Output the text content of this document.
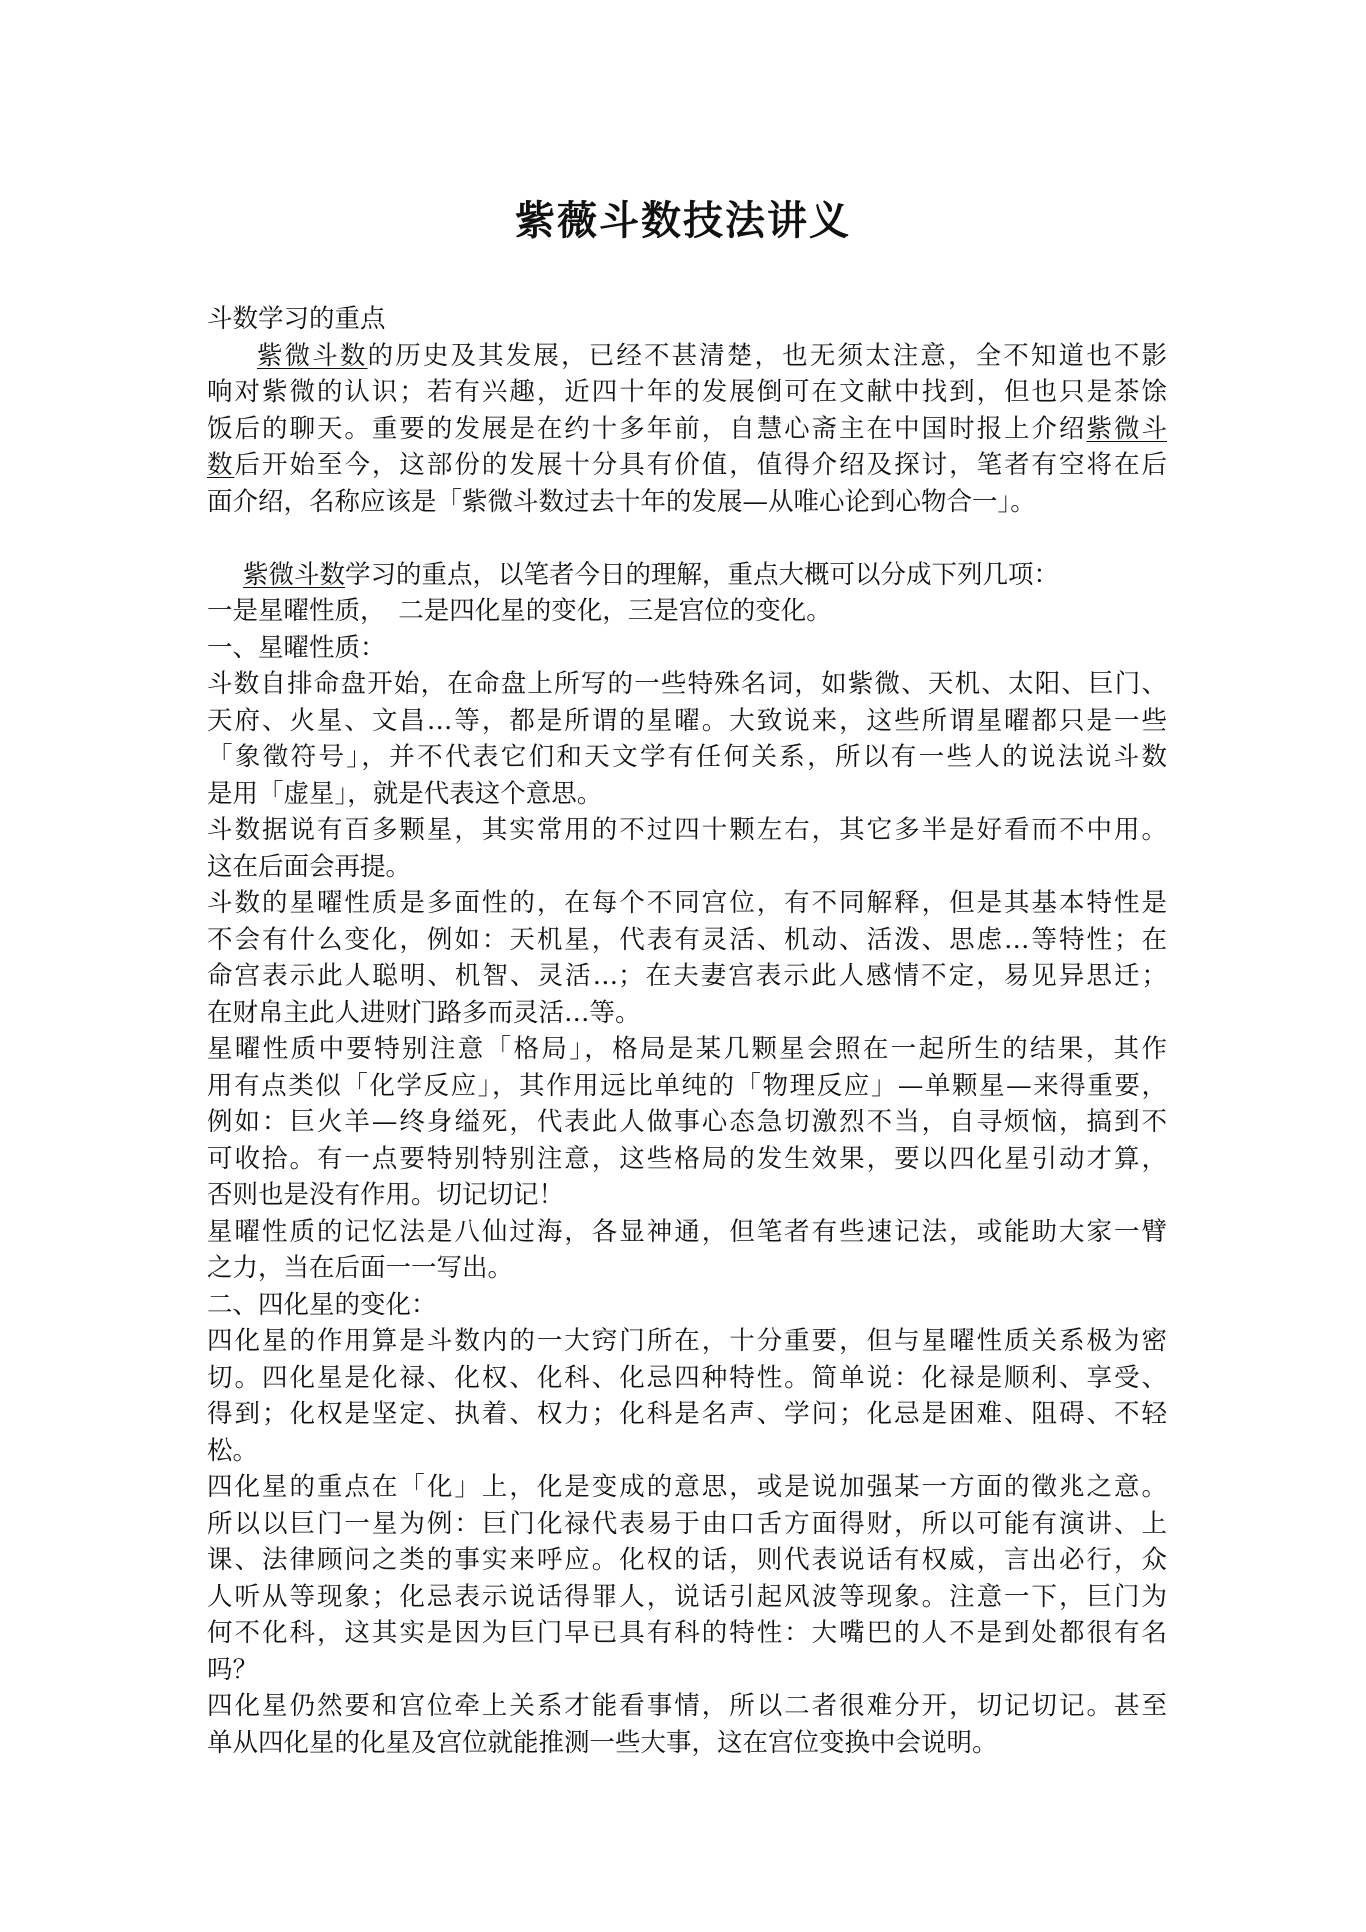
紫薇斗数技法讲义
斗数学习的重点
紫微斗数的历史及其发展，已经不甚清楚，也无须太注意，全不知道也不影
响对紫微的认识；若有兴趣，近四十年的发展倒可在文献中找到，但也只是茶馀
饭后的聊天。重要的发展是在约十多年前，自慧心斋主在中国时报上介绍紫微斗
数后开始至今，这部份的发展十分具有价值，值得介绍及探讨，笔者有空将在后
面介绍，名称应该是「紫微斗数过去十年的发展—从唯心论到心物合一」。
紫微斗数学习的重点，以笔者今日的理解，重点大概可以分成下列几项：
一是星曜性质，　二是四化星的变化，三是宫位的变化。
一、星曜性质：
斗数自排命盘开始，在命盘上所写的一些特殊名词，如紫微、天机、太阳、巨门、
天府、火星、文昌…等，都是所谓的星曜。大致说来，这些所谓星曜都只是一些
「象徵符号」，并不代表它们和天文学有任何关系，所以有一些人的说法说斗数
是用「虚星」，就是代表这个意思。
斗数据说有百多颗星，其实常用的不过四十颗左右，其它多半是好看而不中用。
这在后面会再提。
斗数的星曜性质是多面性的，在每个不同宫位，有不同解释，但是其基本特性是
不会有什么变化，例如：天机星，代表有灵活、机动、活泼、思虑…等特性；在
命宫表示此人聪明、机智、灵活…；在夫妻宫表示此人感情不定，易见异思迁；
在财帛主此人进财门路多而灵活…等。
星曜性质中要特别注意「格局」，格局是某几颗星会照在一起所生的结果，其作
用有点类似「化学反应」，其作用远比单纯的「物理反应」—单颗星—来得重要，
例如：巨火羊—终身缢死，代表此人做事心态急切激烈不当，自寻烦恼，搞到不
可收拾。有一点要特别特别注意，这些格局的发生效果，要以四化星引动才算，
否则也是没有作用。切记切记！
星曜性质的记忆法是八仙过海，各显神通，但笔者有些速记法，或能助大家一臂
之力，当在后面一一写出。
二、四化星的变化：
四化星的作用算是斗数内的一大窍门所在，十分重要，但与星曜性质关系极为密
切。四化星是化禄、化权、化科、化忌四种特性。简单说：化禄是顺利、享受、
得到；化权是坚定、执着、权力；化科是名声、学问；化忌是困难、阻碍、不轻
松。
四化星的重点在「化」上，化是变成的意思，或是说加强某一方面的徵兆之意。
所以以巨门一星为例：巨门化禄代表易于由口舌方面得财，所以可能有演讲、上
课、法律顾问之类的事实来呼应。化权的话，则代表说话有权威，言出必行，众
人听从等现象；化忌表示说话得罪人，说话引起风波等现象。注意一下，巨门为
何不化科，这其实是因为巨门早已具有科的特性：大嘴巴的人不是到处都很有名
吗？
四化星仍然要和宫位牵上关系才能看事情，所以二者很难分开，切记切记。甚至
单从四化星的化星及宫位就能推测一些大事，这在宫位变换中会说明。
